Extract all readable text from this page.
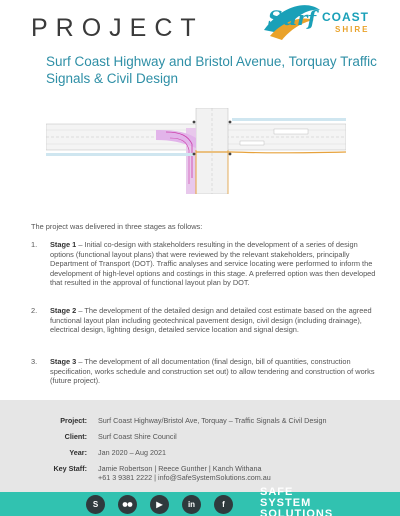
PROJECT	Surf COAST
SHIRE
Surf Coast Highway and Bristol Avenue, Torquay Traffic Signals & Civil Design
The project was delivered in three stages as follows:
1. Stage 1 – Initial co-design with stakeholders resulting in the development of a series of design options (functional layout plans) that were reviewed by the relevant stakeholders, principally Department of Transport (DOT). Traffic analyses and service locating were performed to inform the development of high-level options and costings in this stage. A preferred option was then developed that resulted in the approval of functional layout plan by DOT.
2. Stage 2 – The development of the detailed design and detailed cost estimate based on the agreed functional layout plan including geotechnical pavement design, civil design (including drainage), electrical design, lighting design, detailed service location and signal design.
3. Stage 3 – The development of all documentation (final design, bill of quantities, construction specification, works schedule and construction set out) to allow tendering and construction of works (future project).
Project: Surf Coast Highway/Bristol Ave, Torquay – Traffic Signals & Civil Design
Client: Surf Coast Shire Council
Year: Jan 2020 – Aug 2021
Key Staff: Jamie Robertson | Reece Gunther | Kanch Withana
+61 3 9381 2222 | info@SafeSystemSolutions.com.au
S	▶	in	f
SAFE
SYSTEM
SOLUTIONS
